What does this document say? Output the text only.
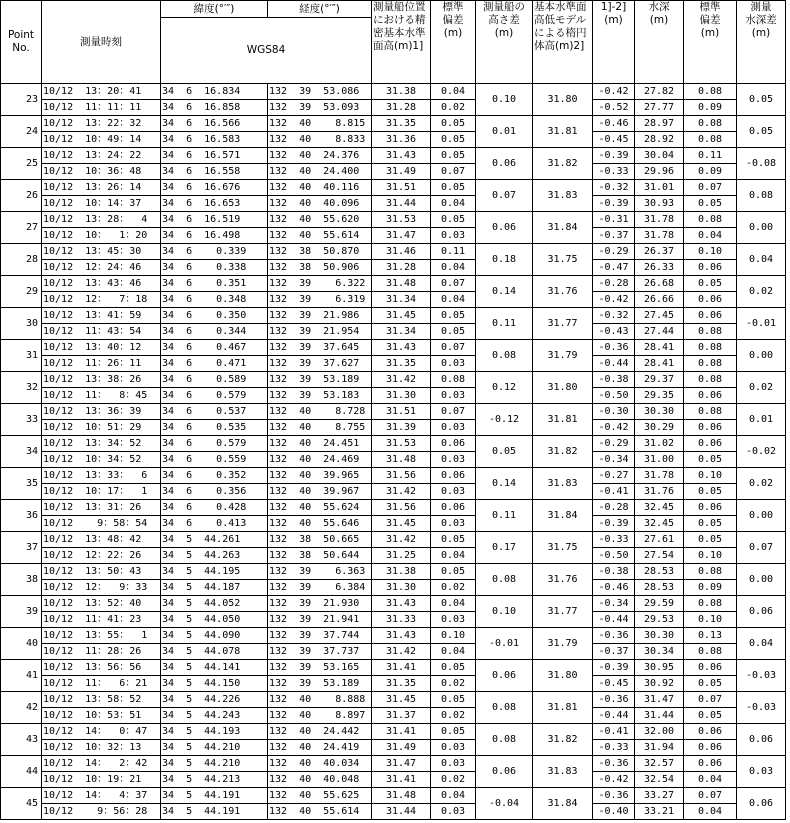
Point
No.	測量時刻	緯度(°′″)	経度(°′″)	測量船位置における精密基本水準面高(m)1]	標準
偏差
(m)	測量船の
高さ差
(m)	基本水準面高低モデルによる楕円体高(m)2]	1]-2]
(m)	水深
(m)	標準
偏差
(m)	測量
水深差
(m)
		WGS84									
23	10/12  13：20：41	34  6  16.834	132  39  53.086	31.38	0.04	0.10	31.80	-0.42	27.82	0.08	0.05
	10/12  11：11：11	34  6  16.858	132  39  53.093	31.28	0.02			-0.52	27.77	0.09	
24	10/12  13：22：32	34  6  16.566	132  40    8.815	31.35	0.05	0.01	31.81	-0.46	28.97	0.08	0.05
	10/12  10：49：14	34  6  16.583	132  40    8.833	31.36	0.05			-0.45	28.92	0.08	
25	10/12  13：24：22	34  6  16.571	132  40  24.376	31.43	0.05	0.06	31.82	-0.39	30.04	0.11	-0.08
	10/12  10：36：48	34  6  16.558	132  40  24.400	31.49	0.07			-0.33	29.96	0.09	
26	10/12  13：26：14	34  6  16.676	132  40  40.116	31.51	0.05	0.07	31.83	-0.32	31.01	0.07	0.08
	10/12  10：14：37	34  6  16.653	132  40  40.096	31.44	0.04			-0.39	30.93	0.05	
27	10/12  13：28：  4	34  6  16.519	132  40  55.620	31.53	0.05	0.06	31.84	-0.31	31.78	0.08	0.00
	10/12  10：  1：20	34  6  16.498	132  40  55.614	31.47	0.03			-0.37	31.78	0.04	
28	10/12  13：45：30	34  6    0.339	132  38  50.870	31.46	0.11	0.18	31.75	-0.29	26.37	0.10	0.04
	10/12  12：24：46	34  6    0.338	132  38  50.906	31.28	0.04			-0.47	26.33	0.06	
29	10/12  13：43：46	34  6    0.351	132  39    6.322	31.48	0.07	0.14	31.76	-0.28	26.68	0.05	0.02
	10/12  12：  7：18	34  6    0.348	132  39    6.319	31.34	0.04			-0.42	26.66	0.06	
30	10/12  13：41：59	34  6    0.350	132  39  21.986	31.45	0.05	0.11	31.77	-0.32	27.45	0.06	-0.01
	10/12  11：43：54	34  6    0.344	132  39  21.954	31.34	0.05			-0.43	27.44	0.08	
31	10/12  13：40：12	34  6    0.467	132  39  37.645	31.43	0.07	0.08	31.79	-0.36	28.41	0.08	0.00
	10/12  11：26：11	34  6    0.471	132  39  37.627	31.35	0.03			-0.44	28.41	0.08	
32	10/12  13：38：26	34  6    0.589	132  39  53.189	31.42	0.08	0.12	31.80	-0.38	29.37	0.08	0.02
	10/12  11：  8：45	34  6    0.579	132  39  53.183	31.30	0.03			-0.50	29.35	0.06	
33	10/12  13：36：39	34  6    0.537	132  40    8.728	31.51	0.07	-0.12	31.81	-0.30	30.30	0.08	0.01
	10/12  10：51：29	34  6    0.535	132  40    8.755	31.39	0.03			-0.42	30.29	0.06	
34	10/12  13：34：52	34  6    0.579	132  40  24.451	31.53	0.06	0.05	31.82	-0.29	31.02	0.06	-0.02
	10/12  10：34：52	34  6    0.559	132  40  24.469	31.48	0.03			-0.34	31.00	0.05	
35	10/12  13：33：  6	34  6    0.352	132  40  39.965	31.56	0.06	0.14	31.83	-0.27	31.78	0.10	0.02
	10/12  10：17：  1	34  6    0.356	132  40  39.967	31.42	0.03			-0.41	31.76	0.05	
36	10/12  13：31：26	34  6    0.428	132  40  55.624	31.56	0.06	0.11	31.84	-0.28	32.45	0.06	0.00
	10/12    9：58：54	34  6    0.413	132  40  55.646	31.45	0.03			-0.39	32.45	0.05	
37	10/12  13：48：42	34  5  44.261	132  38  50.665	31.42	0.05	0.17	31.75	-0.33	27.61	0.05	0.07
	10/12  12：22：26	34  5  44.263	132  38  50.644	31.25	0.04			-0.50	27.54	0.10	
38	10/12  13：50：43	34  5  44.195	132  39    6.363	31.38	0.05	0.08	31.76	-0.38	28.53	0.08	0.00
	10/12  12：  9：33	34  5  44.187	132  39    6.384	31.30	0.02			-0.46	28.53	0.09	
39	10/12  13：52：40	34  5  44.052	132  39  21.930	31.43	0.04	0.10	31.77	-0.34	29.59	0.08	0.06
	10/12  11：41：23	34  5  44.050	132  39  21.941	31.33	0.03			-0.44	29.53	0.10	
40	10/12  13：55：  1	34  5  44.090	132  39  37.744	31.43	0.10	-0.01	31.79	-0.36	30.30	0.13	0.04
	10/12  11：28：26	34  5  44.078	132  39  37.737	31.42	0.04			-0.37	30.34	0.08	
41	10/12  13：56：56	34  5  44.141	132  39  53.165	31.41	0.05	0.06	31.80	-0.39	30.95	0.06	-0.03
	10/12  11：  6：21	34  5  44.150	132  39  53.189	31.35	0.02			-0.45	30.92	0.05	
42	10/12  13：58：52	34  5  44.226	132  40    8.888	31.45	0.05	0.08	31.81	-0.36	31.47	0.07	-0.03
	10/12  10：53：51	34  5  44.243	132  40    8.897	31.37	0.02			-0.44	31.44	0.05	
43	10/12  14：  0：47	34  5  44.193	132  40  24.442	31.41	0.05	0.08	31.82	-0.41	32.00	0.06	0.06
	10/12  10：32：13	34  5  44.210	132  40  24.419	31.49	0.03			-0.33	31.94	0.06	
44	10/12  14：  2：42	34  5  44.210	132  40  40.034	31.47	0.03	0.06	31.83	-0.36	32.57	0.06	0.03
	10/12  10：19：21	34  5  44.213	132  40  40.048	31.41	0.02			-0.42	32.54	0.04	
45	10/12  14：  4：37	34  5  44.191	132  40  55.625	31.48	0.04	-0.04	31.84	-0.36	33.27	0.07	0.06
	10/12    9：56：28	34  5  44.191	132  40  55.614	31.44	0.03			-0.40	33.21	0.04	
